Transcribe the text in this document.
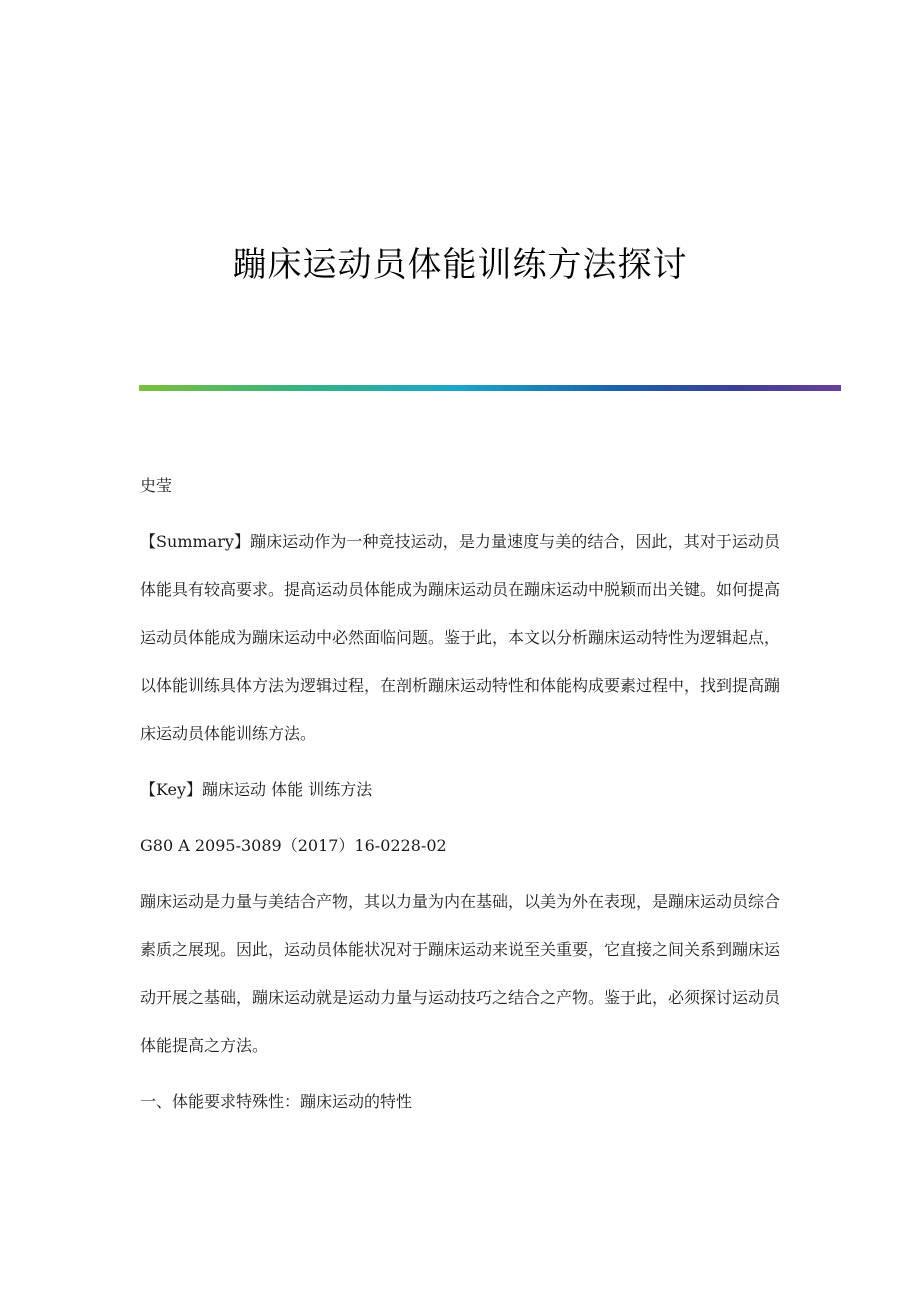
蹦床运动员体能训练方法探讨

史莹

【Summary】蹦床运动作为一种竞技运动，是力量速度与美的结合，因此，其对于运动员体能具有较高要求。提高运动员体能成为蹦床运动员在蹦床运动中脱颖而出关键。如何提高运动员体能成为蹦床运动中必然面临问题。鉴于此，本文以分析蹦床运动特性为逻辑起点，以体能训练具体方法为逻辑过程，在剖析蹦床运动特性和体能构成要素过程中，找到提高蹦床运动员体能训练方法。

【Key】蹦床运动 体能 训练方法

G80 A 2095-3089（2017）16-0228-02

蹦床运动是力量与美结合产物，其以力量为内在基础，以美为外在表现，是蹦床运动员综合素质之展现。因此，运动员体能状况对于蹦床运动来说至关重要，它直接之间关系到蹦床运动开展之基础，蹦床运动就是运动力量与运动技巧之结合之产物。鉴于此，必须探讨运动员体能提高之方法。

一、体能要求特殊性：蹦床运动的特性
